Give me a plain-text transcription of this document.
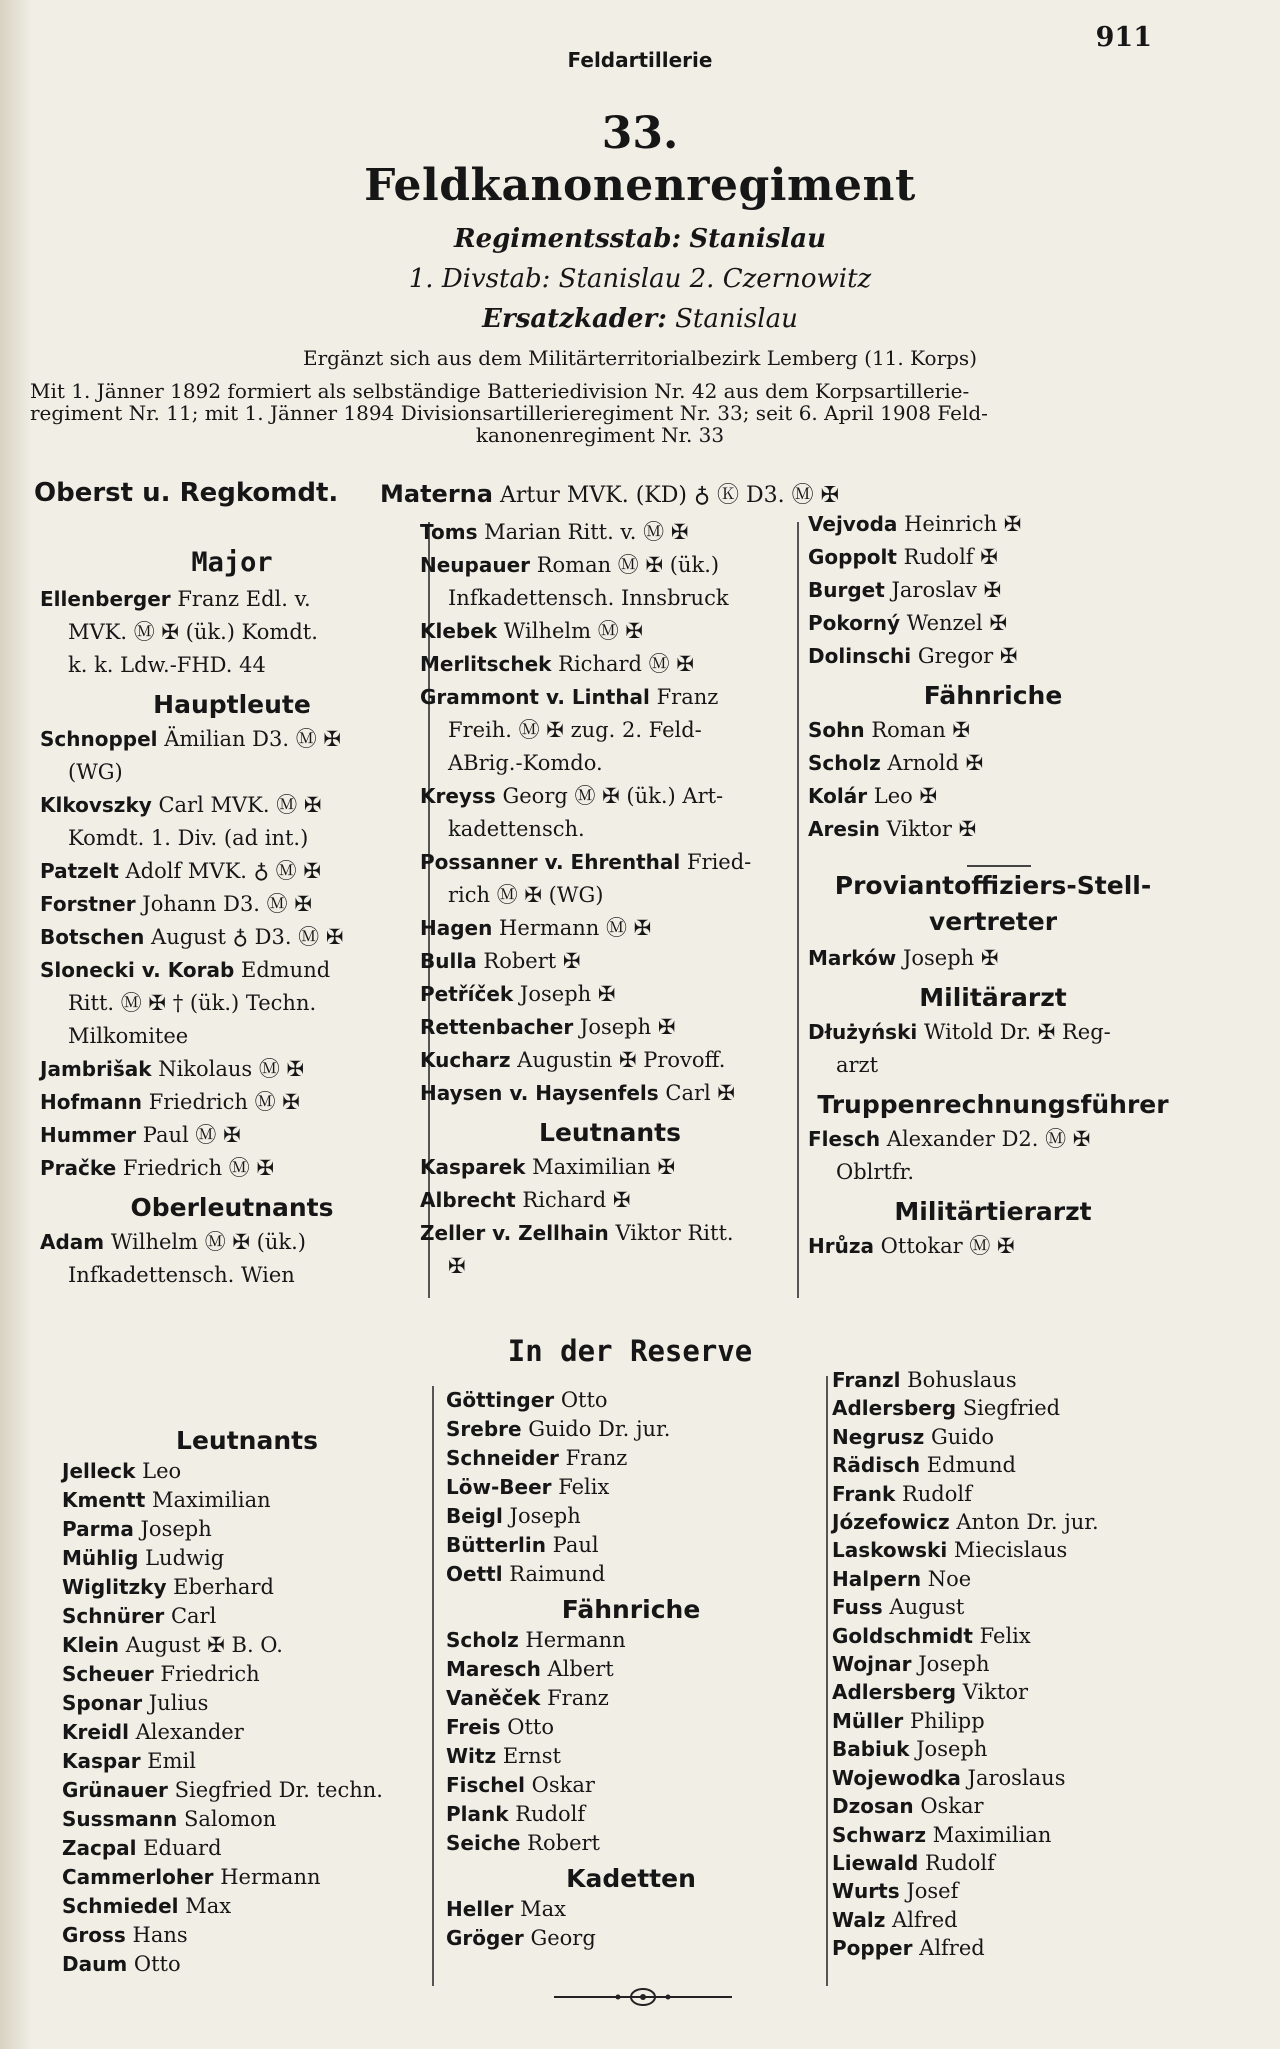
Feldartillerie
911
33.
Feldkanonenregiment
Regimentsstab: Stanislau
1. Divstab: Stanislau 2. Czernowitz
Ersatzkader: Stanislau
Ergänzt sich aus dem Militärterritorialbezirk Lemberg (11. Korps)
Mit 1. Jänner 1892 formiert als selbständige Batteriedivision Nr. 42 aus dem Korpsartillerie-
regiment Nr. 11; mit 1. Jänner 1894 Divisionsartillerieregiment Nr. 33; seit 6. April 1908 Feld-
kanonenregiment Nr. 33
Oberst u. Regkomdt. Materna Artur MVK. (KD) ♁ Ⓚ D3. Ⓜ ✠
Major
Ellenberger Franz Edl. v.
MVK. Ⓜ ✠ (ük.) Komdt.
k. k. Ldw.-FHD. 44
Hauptleute
Schnoppel Ämilian D3. Ⓜ ✠
(WG)
Klkovszky Carl MVK. Ⓜ ✠
Komdt. 1. Div. (ad int.)
Patzelt Adolf MVK. ♁ Ⓜ ✠
Forstner Johann D3. Ⓜ ✠
Botschen August ♁ D3. Ⓜ ✠
Slonecki v. Korab Edmund
Ritt. Ⓜ ✠ † (ük.) Techn.
Milkomitee
Jambrišak Nikolaus Ⓜ ✠
Hofmann Friedrich Ⓜ ✠
Hummer Paul Ⓜ ✠
Pračke Friedrich Ⓜ ✠
Oberleutnants
Adam Wilhelm Ⓜ ✠ (ük.)
Infkadettensch. Wien
Toms Marian Ritt. v. Ⓜ ✠
Neupauer Roman Ⓜ ✠ (ük.)
Infkadettensch. Innsbruck
Klebek Wilhelm Ⓜ ✠
Merlitschek Richard Ⓜ ✠
Grammont v. Linthal Franz
Freih. Ⓜ ✠ zug. 2. Feld-
ABrig.-Komdo.
Kreyss Georg Ⓜ ✠ (ük.) Art-
kadettensch.
Possanner v. Ehrenthal Fried-
rich Ⓜ ✠ (WG)
Hagen Hermann Ⓜ ✠
Bulla Robert ✠
Petříček Joseph ✠
Rettenbacher Joseph ✠
Kucharz Augustin ✠ Provoff.
Haysen v. Haysenfels Carl ✠
Leutnants
Kasparek Maximilian ✠
Albrecht Richard ✠
Zeller v. Zellhain Viktor Ritt.
✠
Vejvoda Heinrich ✠
Goppolt Rudolf ✠
Burget Jaroslav ✠
Pokorný Wenzel ✠
Dolinschi Gregor ✠
Fähnriche
Sohn Roman ✠
Scholz Arnold ✠
Kolár Leo ✠
Aresin Viktor ✠
Proviantoffiziers-Stell-
vertreter
Marków Joseph ✠
Militärarzt
Dłużyński Witold Dr. ✠ Reg-
arzt
Truppenrechnungsführer
Flesch Alexander D2. Ⓜ ✠
Oblrtfr.
Militärtierarzt
Hrůza Ottokar Ⓜ ✠
In der Reserve
Leutnants
Jelleck Leo
Kmentt Maximilian
Parma Joseph
Mühlig Ludwig
Wiglitzky Eberhard
Schnürer Carl
Klein August ✠ B. O.
Scheuer Friedrich
Sponar Julius
Kreidl Alexander
Kaspar Emil
Grünauer Siegfried Dr. techn.
Sussmann Salomon
Zacpal Eduard
Cammerloher Hermann
Schmiedel Max
Gross Hans
Daum Otto
Göttinger Otto
Srebre Guido Dr. jur.
Schneider Franz
Löw-Beer Felix
Beigl Joseph
Bütterlin Paul
Oettl Raimund
Fähnriche
Scholz Hermann
Maresch Albert
Vaněček Franz
Freis Otto
Witz Ernst
Fischel Oskar
Plank Rudolf
Seiche Robert
Kadetten
Heller Max
Gröger Georg
Franzl Bohuslaus
Adlersberg Siegfried
Negrusz Guido
Rädisch Edmund
Frank Rudolf
Józefowicz Anton Dr. jur.
Laskowski Miecislaus
Halpern Noe
Fuss August
Goldschmidt Felix
Wojnar Joseph
Adlersberg Viktor
Müller Philipp
Babiuk Joseph
Wojewodka Jaroslaus
Dzosan Oskar
Schwarz Maximilian
Liewald Rudolf
Wurts Josef
Walz Alfred
Popper Alfred
